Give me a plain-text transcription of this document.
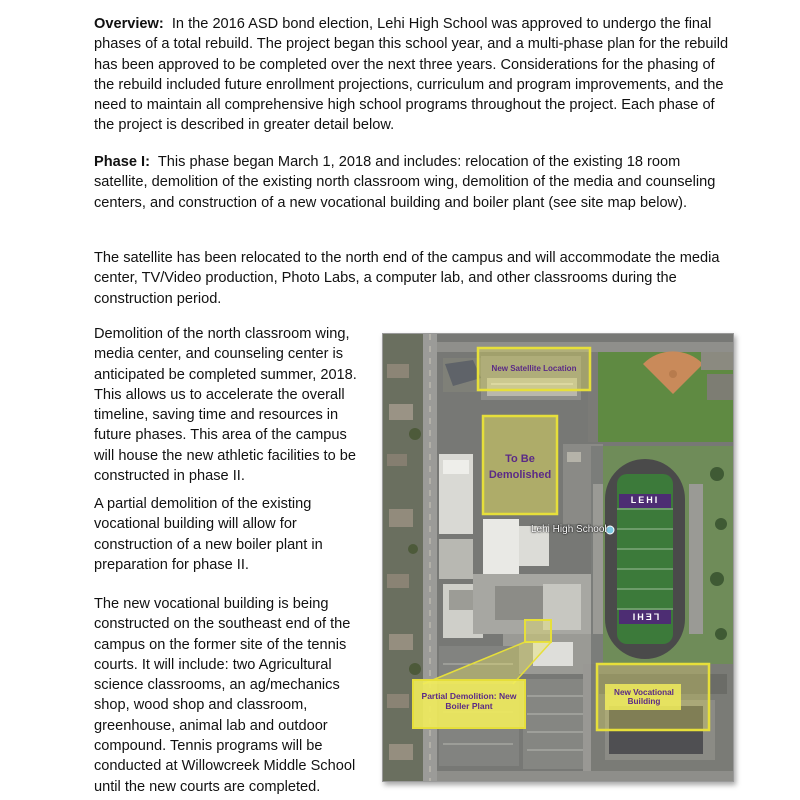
Overview: In the 2016 ASD bond election, Lehi High School was approved to undergo the final phases of a total rebuild. The project began this school year, and a multi-phase plan for the rebuild has been approved to be completed over the next three years. Considerations for the phasing of the rebuild included future enrollment projections, curriculum and program improvements, and the need to maintain all comprehensive high school programs throughout the project. Each phase of the project is described in greater detail below.

Phase I: This phase began March 1, 2018 and includes: relocation of the existing 18 room satellite, demolition of the existing north classroom wing, demolition of the media and counseling centers, and construction of a new vocational building and boiler plant (see site map below).

The satellite has been relocated to the north end of the campus and will accommodate the media center, TV/Video production, Photo Labs, a computer lab, and other classrooms during the construction period.

Demolition of the north classroom wing, media center, and counseling center is anticipated be completed summer, 2018. This allows us to accelerate the overall timeline, saving time and resources in future phases. This area of the campus will house the new athletic facilities to be constructed in phase II.

A partial demolition of the existing vocational building will allow for construction of a new boiler plant in preparation for phase II.

The new vocational building is being constructed on the southeast end of the campus on the former site of the tennis courts. It will include: two Agricultural science classrooms, an ag/mechanics shop, wood shop and classroom, greenhouse, animal lab and outdoor compound. Tennis programs will be conducted at Willowcreek Middle School until the new courts are completed.

New Satellite Location
To Be Demolished
Partial Demolition: New Boiler Plant
New Vocational Building
Lehi High School
LEHI
LEHI
